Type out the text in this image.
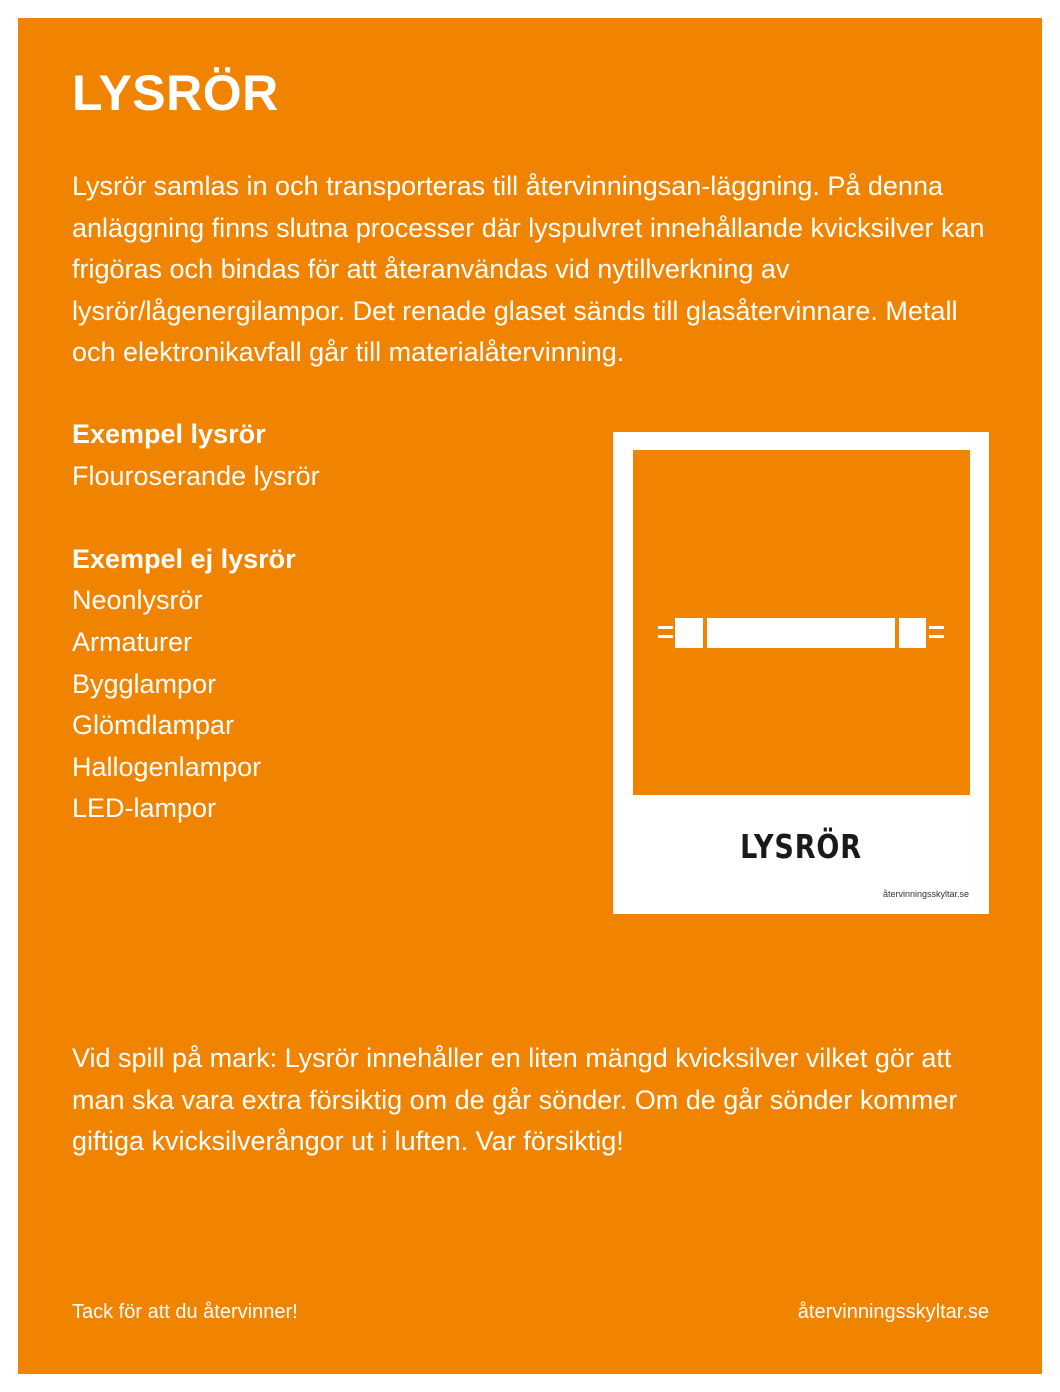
LYSRÖR

Lysrör samlas in och transporteras till återvinningsan-läggning. På denna anläggning finns slutna processer där lyspulvret innehållande kvicksilver kan frigöras och bindas för att återanvändas vid nytillverkning av lysrör/lågenergilampor. Det renade glaset sänds till glasåtervinnare. Metall och elektronikavfall går till materialåtervinning.

Exempel lysrör
Flouroserande lysrör
Exempel ej lysrör
Neonlysrör
Armaturer
Bygglampor
Glömdlampar
Hallogenlampor
LED-lampor
LYSRÖR
återvinningsskyltar.se

Vid spill på mark: Lysrör innehåller en liten mängd kvicksilver vilket gör att man ska vara extra försiktig om de går sönder. Om de går sönder kommer giftiga kvicksilverångor ut i luften. Var försiktig!

Tack för att du återvinner!	återvinningsskyltar.se
